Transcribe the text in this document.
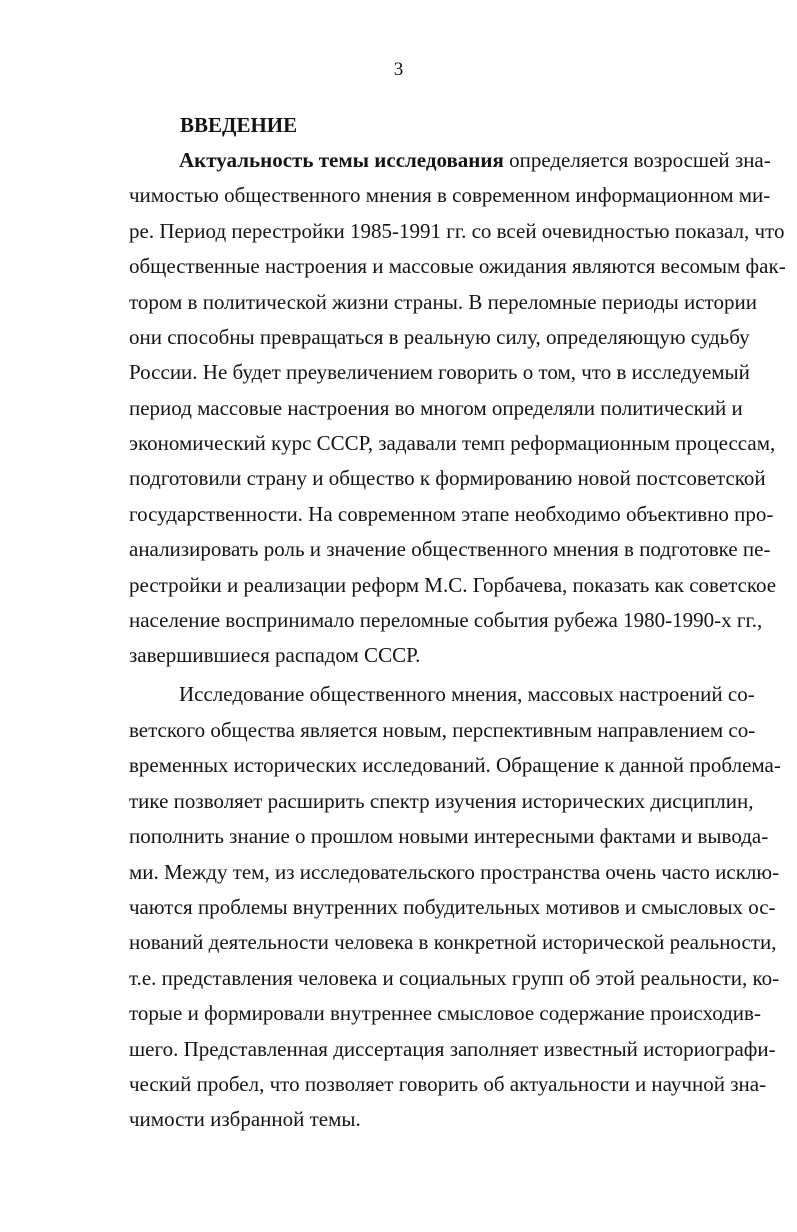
3
ВВЕДЕНИЕ
Актуальность темы исследования определяется возросшей зна-
чимостью общественного мнения в современном информационном ми-
ре. Период перестройки 1985-1991 гг. со всей очевидностью показал, что
общественные настроения и массовые ожидания являются весомым фак-
тором в политической жизни страны. В переломные периоды истории
они способны превращаться в реальную силу, определяющую судьбу
России. Не будет преувеличением говорить о том, что в исследуемый
период массовые настроения во многом определяли политический и
экономический курс СССР, задавали темп реформационным процессам,
подготовили страну и общество к формированию новой постсоветской
государственности. На современном этапе необходимо объективно про-
анализировать роль и значение общественного мнения в подготовке пе-
рестройки и реализации реформ М.С. Горбачева, показать как советское
население воспринимало переломные события рубежа 1980-1990-х гг.,
завершившиеся распадом СССР.
Исследование общественного мнения, массовых настроений со-
ветского общества является новым, перспективным направлением со-
временных исторических исследований. Обращение к данной проблема-
тике позволяет расширить спектр изучения исторических дисциплин,
пополнить знание о прошлом новыми интересными фактами и вывода-
ми. Между тем, из исследовательского пространства очень часто исклю-
чаются проблемы внутренних побудительных мотивов и смысловых ос-
нований деятельности человека в конкретной исторической реальности,
т.е. представления человека и социальных групп об этой реальности, ко-
торые и формировали внутреннее смысловое содержание происходив-
шего. Представленная диссертация заполняет известный историографи-
ческий пробел, что позволяет говорить об актуальности и научной зна-
чимости избранной темы.
